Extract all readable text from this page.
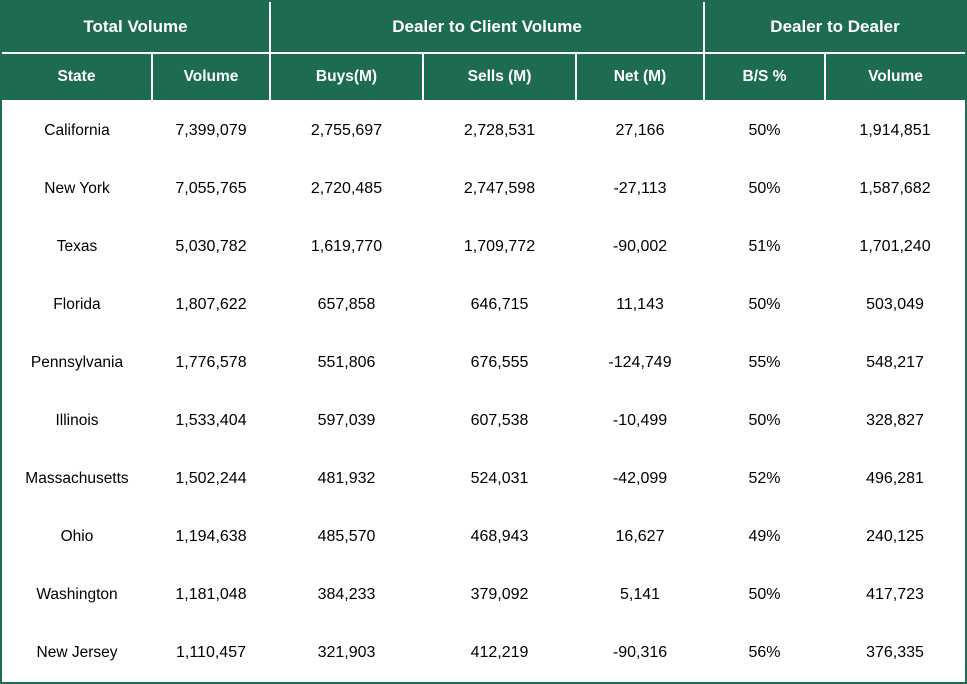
Total Volume		Dealer to Client Volume			Dealer to Dealer	
State	Volume	Buys(M)	Sells (M)	Net (M)	B/S %	Volume
California	7,399,079	2,755,697	2,728,531	27,166	50%	1,914,851
New York	7,055,765	2,720,485	2,747,598	-27,113	50%	1,587,682
Texas	5,030,782	1,619,770	1,709,772	-90,002	51%	1,701,240
Florida	1,807,622	657,858	646,715	11,143	50%	503,049
Pennsylvania	1,776,578	551,806	676,555	-124,749	55%	548,217
Illinois	1,533,404	597,039	607,538	-10,499	50%	328,827
Massachusetts	1,502,244	481,932	524,031	-42,099	52%	496,281
Ohio	1,194,638	485,570	468,943	16,627	49%	240,125
Washington	1,181,048	384,233	379,092	5,141	50%	417,723
New Jersey	1,110,457	321,903	412,219	-90,316	56%	376,335
